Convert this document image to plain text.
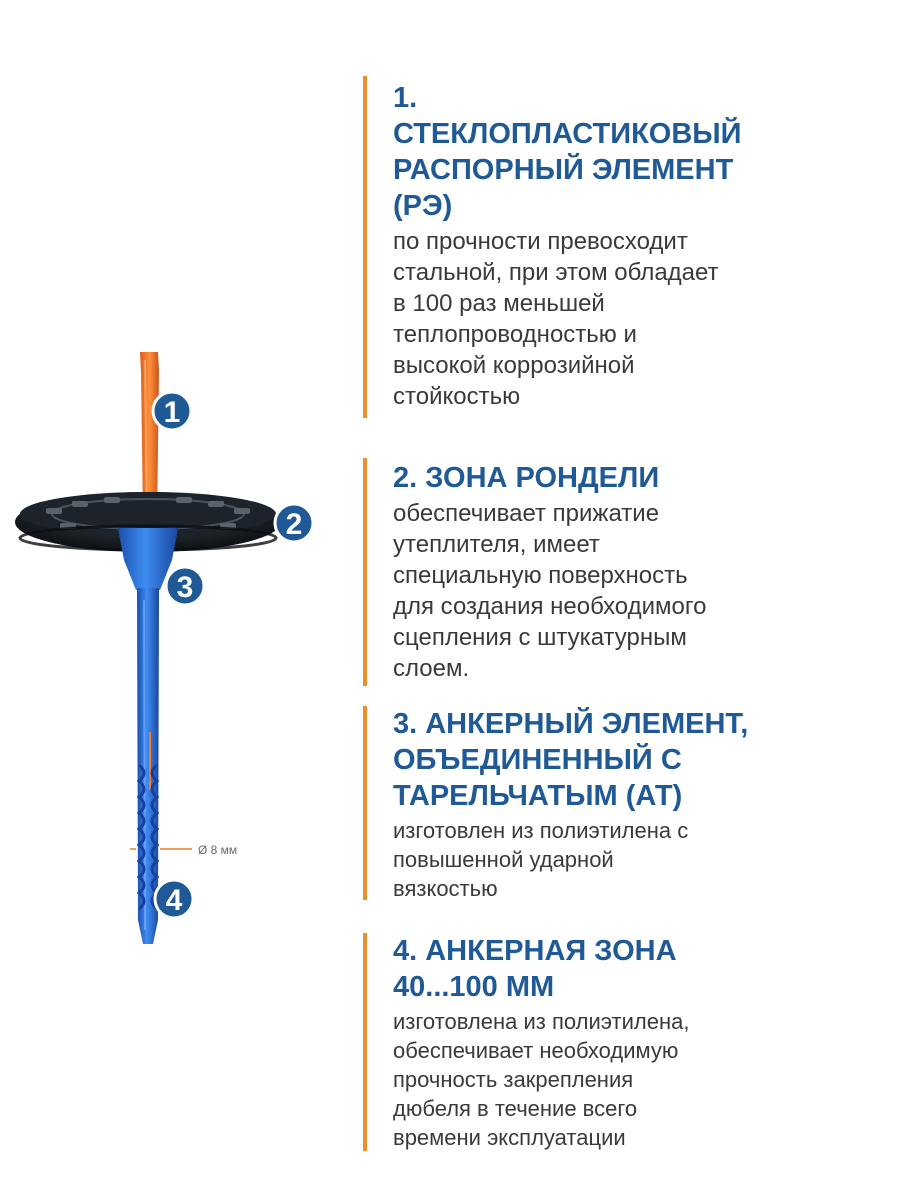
Ø 8 мм
1
2
3
4
1.
СТЕКЛОПЛАСТИКОВЫЙ
РАСПОРНЫЙ ЭЛЕМЕНТ
(РЭ)

по прочности превосходит
стальной, при этом обладает
в 100 раз меньшей
теплопроводностью и
высокой коррозийной
стойкостью

2. ЗОНА РОНДЕЛИ

обеспечивает прижатие
утеплителя, имеет
специальную поверхность
для создания необходимого
сцепления с штукатурным
слоем.

3. АНКЕРНЫЙ ЭЛЕМЕНТ,
ОБЪЕДИНЕННЫЙ С
ТАРЕЛЬЧАТЫМ (АТ)

изготовлен из полиэтилена с
повышенной ударной
вязкостью

4. АНКЕРНАЯ ЗОНА
40...100 ММ

изготовлена из полиэтилена,
обеспечивает необходимую
прочность закрепления
дюбеля в течение всего
времени эксплуатации
